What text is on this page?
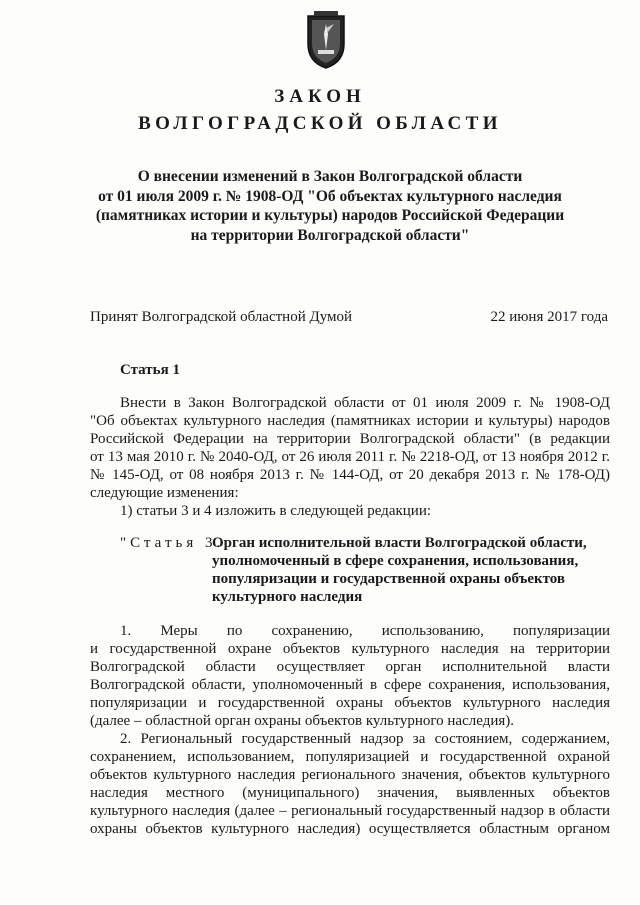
ЗАКОН
ВОЛГОГРАДСКОЙ ОБЛАСТИ
О внесении изменений в Закон Волгоградской области
от 01 июля 2009 г. № 1908-ОД "Об объектах культурного наследия
(памятниках истории и культуры) народов Российской Федерации
на территории Волгоградской области"
Принят Волгоградской областной Думой	22 июня 2017 года
Статья 1
Внести в Закон Волгоградской области от 01 июля 2009 г. № 1908-ОД
"Об объектах культурного наследия (памятниках истории и культуры) народов
Российской Федерации на территории Волгоградской области" (в редакции
от 13 мая 2010 г. № 2040-ОД, от 26 июля 2011 г. № 2218-ОД, от 13 ноября 2012 г.
№ 145-ОД, от 08 ноября 2013 г. № 144-ОД, от 20 декабря 2013 г. № 178-ОД)
следующие изменения:
1) статьи 3 и 4 изложить в следующей редакции:
"Статья 3.
Орган исполнительной власти Волгоградской области,
уполномоченный в сфере сохранения, использования,
популяризации и государственной охраны объектов
культурного наследия
1.   Меры   по   сохранению,   использованию,   популяризации
и государственной охране объектов культурного наследия на территории
Волгоградской   области   осуществляет   орган   исполнительной   власти
Волгоградской области, уполномоченный в сфере сохранения, использования,
популяризации и государственной охраны объектов культурного наследия
(далее – областной орган охраны объектов культурного наследия).
2. Региональный государственный надзор за состоянием, содержанием,
сохранением, использованием, популяризацией и государственной охраной
объектов культурного наследия регионального значения, объектов культурного
наследия   местного   (муниципального)   значения,   выявленных   объектов
культурного наследия (далее – региональный государственный надзор в области
охраны объектов культурного наследия) осуществляется областным органом
